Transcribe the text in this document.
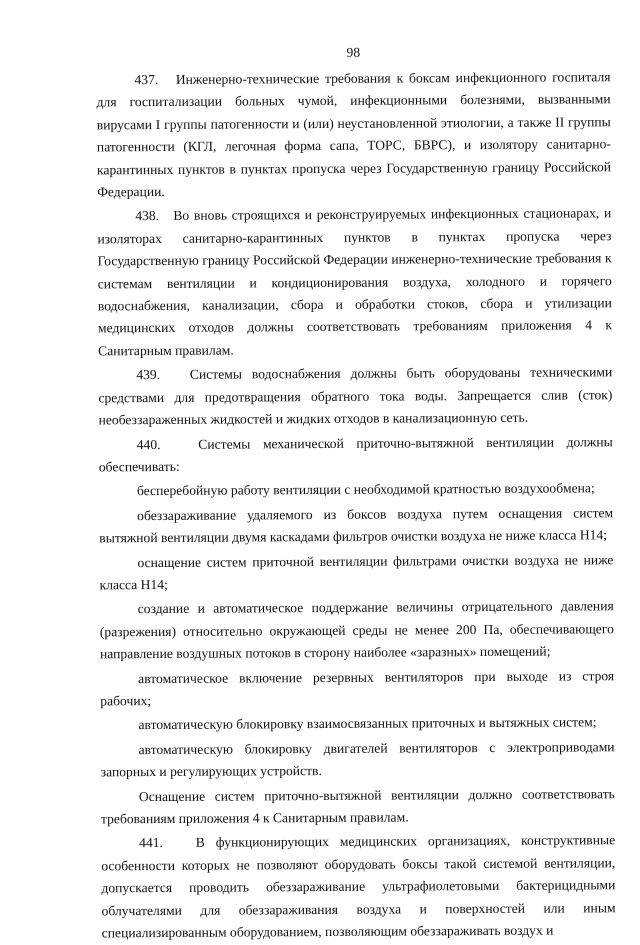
98

437.   Инженерно-технические требования к боксам инфекционного госпиталя для госпитализации больных чумой, инфекционными болезнями, вызванными вирусами I группы патогенности и (или) неустановленной этиологии, а также II группы патогенности (КГЛ, легочная форма сапа, ТОРС, БВРС), и изолятору санитарно-карантинных пунктов в пунктах пропуска через Государственную границу Российской Федерации.

438.   Во вновь строящихся и реконструируемых инфекционных стационарах, и изоляторах санитарно-карантинных пунктов в пунктах пропуска через Государственную границу Российской Федерации инженерно-технические требования к системам вентиляции и кондиционирования воздуха, холодного и горячего водоснабжения, канализации, сбора и обработки стоков, сбора и утилизации медицинских отходов должны соответствовать требованиям приложения 4 к Санитарным правилам.

439.   Системы водоснабжения должны быть оборудованы техническими средствами для предотвращения обратного тока воды. Запрещается слив (сток) необеззараженных жидкостей и жидких отходов в канализационную сеть.

440.   Системы механической приточно-вытяжной вентиляции должны обеспечивать:

бесперебойную работу вентиляции с необходимой кратностью воздухообмена;

обеззараживание удаляемого из боксов воздуха путем оснащения систем вытяжной вентиляции двумя каскадами фильтров очистки воздуха не ниже класса Н14;

оснащение систем приточной вентиляции фильтрами очистки воздуха не ниже класса Н14;

создание и автоматическое поддержание величины отрицательного давления (разрежения) относительно окружающей среды не менее 200 Па, обеспечивающего направление воздушных потоков в сторону наиболее «заразных» помещений;

автоматическое включение резервных вентиляторов при выходе из строя рабочих;

автоматическую блокировку взаимосвязанных приточных и вытяжных систем;

автоматическую блокировку двигателей вентиляторов с электроприводами запорных и регулирующих устройств.

Оснащение систем приточно-вытяжной вентиляции должно соответствовать требованиям приложения 4 к Санитарным правилам.

441.   В функционирующих медицинских организациях, конструктивные особенности которых не позволяют оборудовать боксы такой системой вентиляции, допускается проводить обеззараживание ультрафиолетовыми бактерицидными облучателями для обеззараживания воздуха и поверхностей или иным специализированным оборудованием, позволяющим обеззараживать воздух и
